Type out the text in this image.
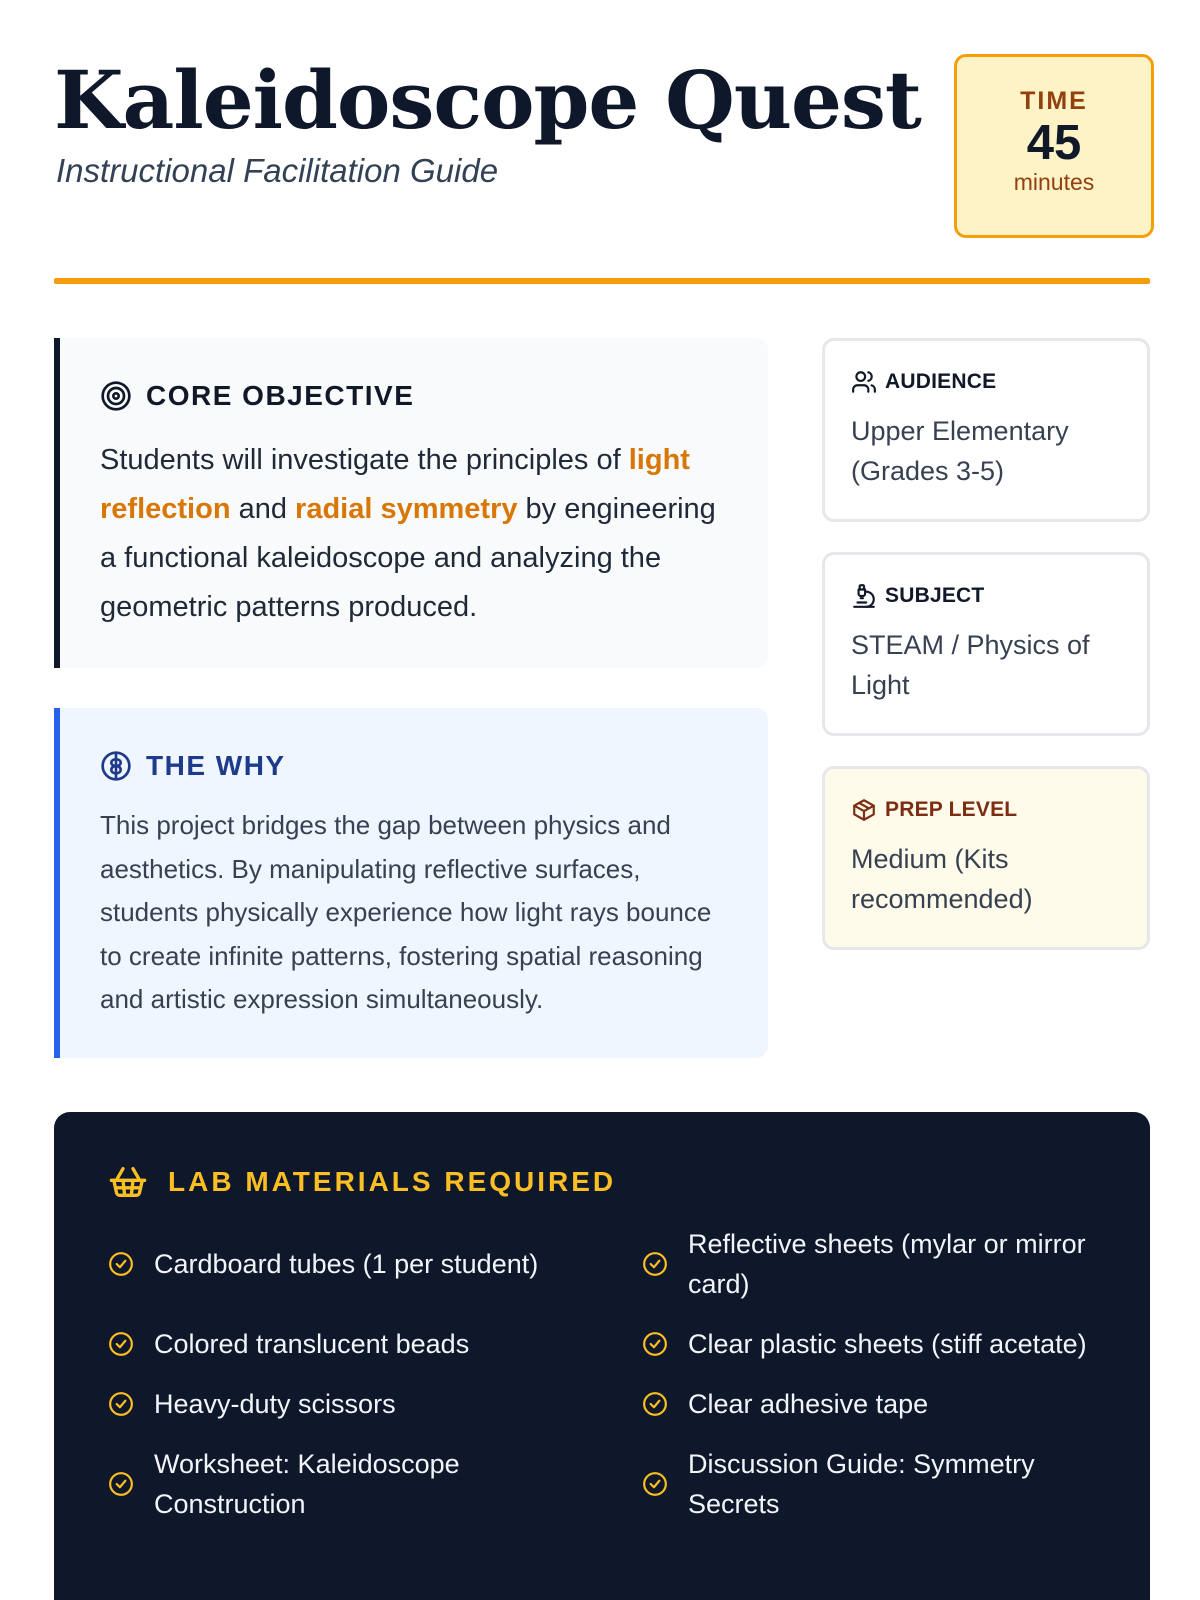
Kaleidoscope Quest
Instructional Facilitation Guide
TIME
45
minutes
CORE OBJECTIVE

Students will investigate the principles of light reflection and radial symmetry by engineering a functional kaleidoscope and analyzing the geometric patterns produced.

THE WHY

This project bridges the gap between physics and aesthetics. By manipulating reflective surfaces, students physically experience how light rays bounce to create infinite patterns, fostering spatial reasoning and artistic expression simultaneously.

AUDIENCE
Upper Elementary (Grades 3-5)
SUBJECT
STEAM / Physics of Light
PREP LEVEL
Medium (Kits recommended)
LAB MATERIALS REQUIRED
Cardboard tubes (1 per student)
Reflective sheets (mylar or mirror card)
Colored translucent beads	Clear plastic sheets (stiff acetate)
Heavy-duty scissors	Clear adhesive tape
Worksheet: Kaleidoscope Construction
Discussion Guide: Symmetry Secrets
